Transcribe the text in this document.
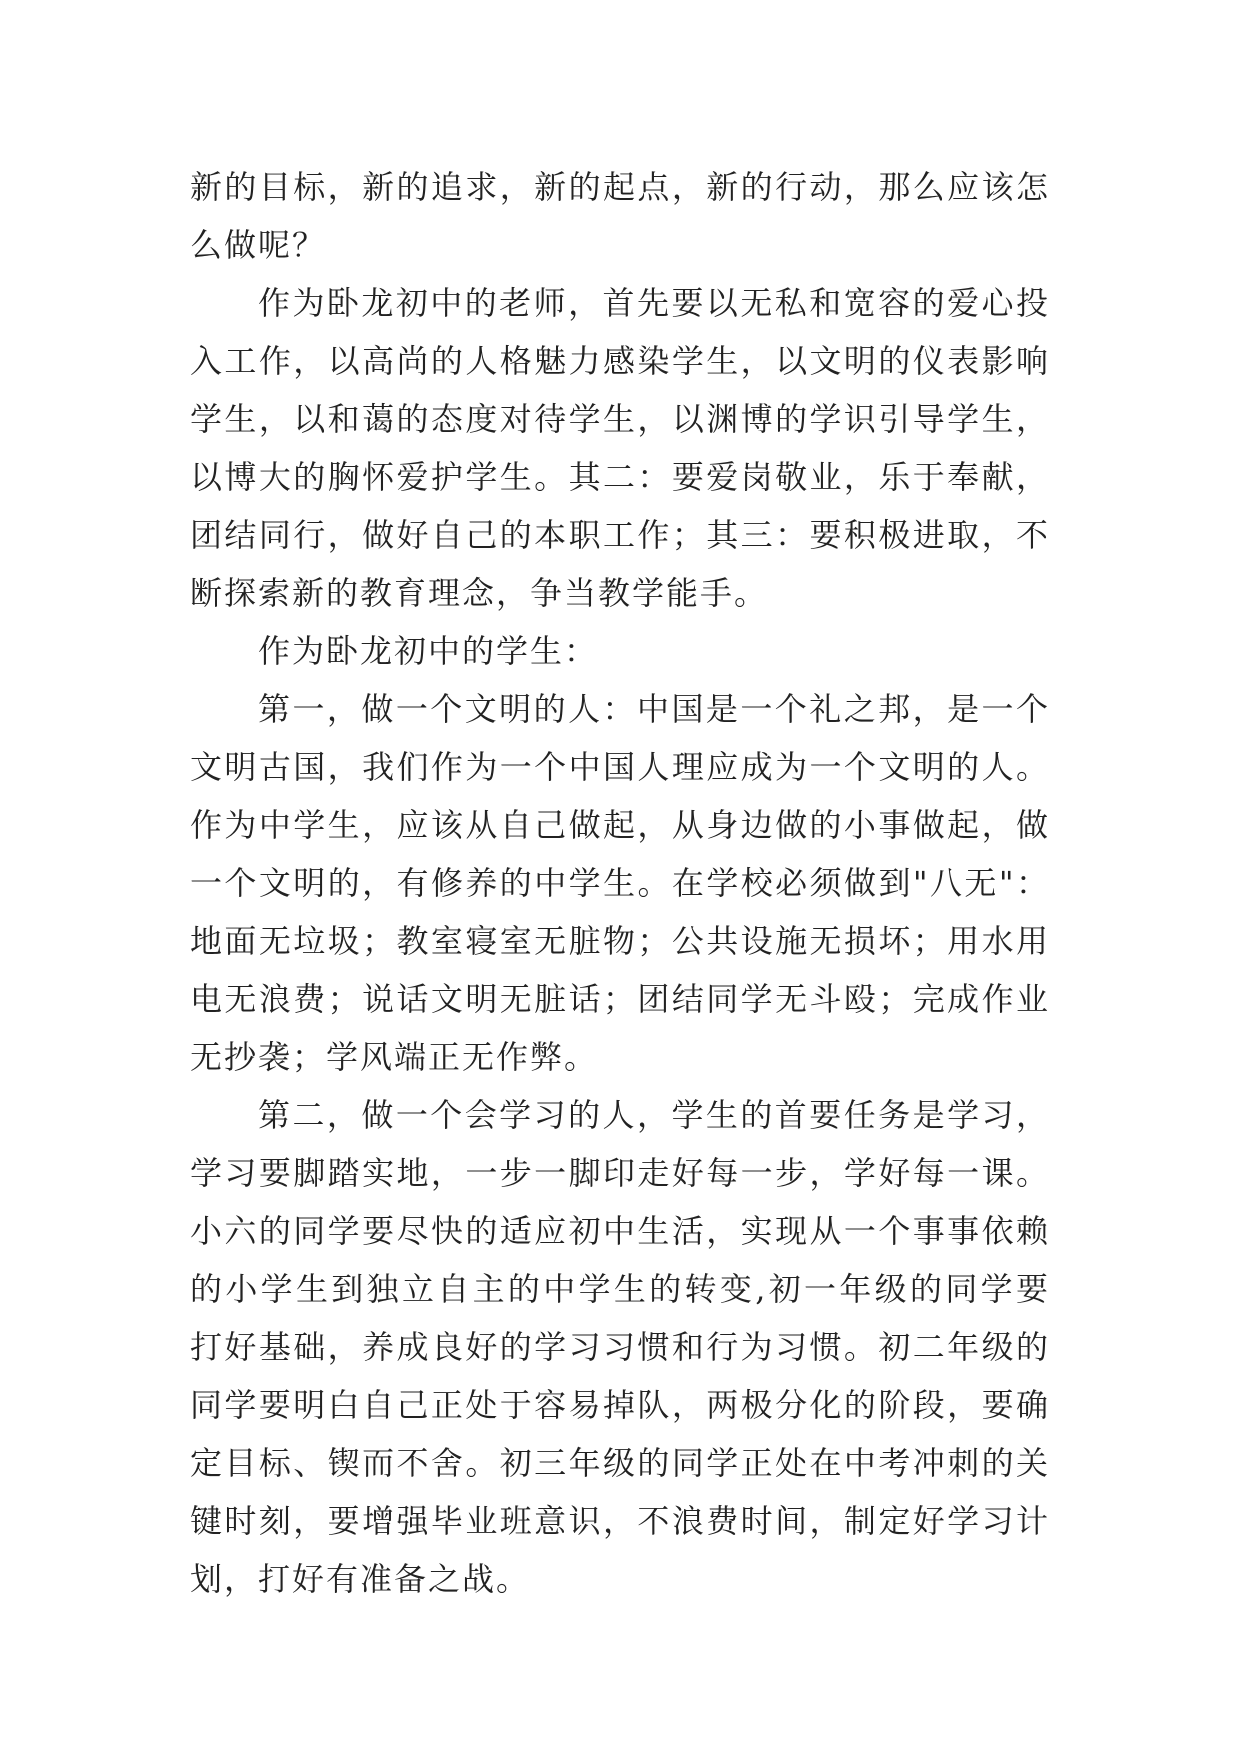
新的目标，新的追求，新的起点，新的行动，那么应该怎么做呢？

作为卧龙初中的老师，首先要以无私和宽容的爱心投入工作，以高尚的人格魅力感染学生，以文明的仪表影响学生，以和蔼的态度对待学生，以渊博的学识引导学生，以博大的胸怀爱护学生。其二：要爱岗敬业，乐于奉献，团结同行，做好自己的本职工作；其三：要积极进取，不断探索新的教育理念，争当教学能手。

作为卧龙初中的学生：

第一，做一个文明的人：中国是一个礼之邦，是一个文明古国，我们作为一个中国人理应成为一个文明的人。作为中学生，应该从自己做起，从身边做的小事做起，做一个文明的，有修养的中学生。在学校必须做到"八无"：地面无垃圾；教室寝室无脏物；公共设施无损坏；用水用电无浪费；说话文明无脏话；团结同学无斗殴；完成作业无抄袭；学风端正无作弊。

第二，做一个会学习的人，学生的首要任务是学习，学习要脚踏实地，一步一脚印走好每一步，学好每一课。小六的同学要尽快的适应初中生活，实现从一个事事依赖的小学生到独立自主的中学生的转变,初一年级的同学要打好基础，养成良好的学习习惯和行为习惯。初二年级的同学要明白自己正处于容易掉队，两极分化的阶段，要确定目标、锲而不舍。初三年级的同学正处在中考冲刺的关键时刻，要增强毕业班意识，不浪费时间，制定好学习计划，打好有准备之战。
